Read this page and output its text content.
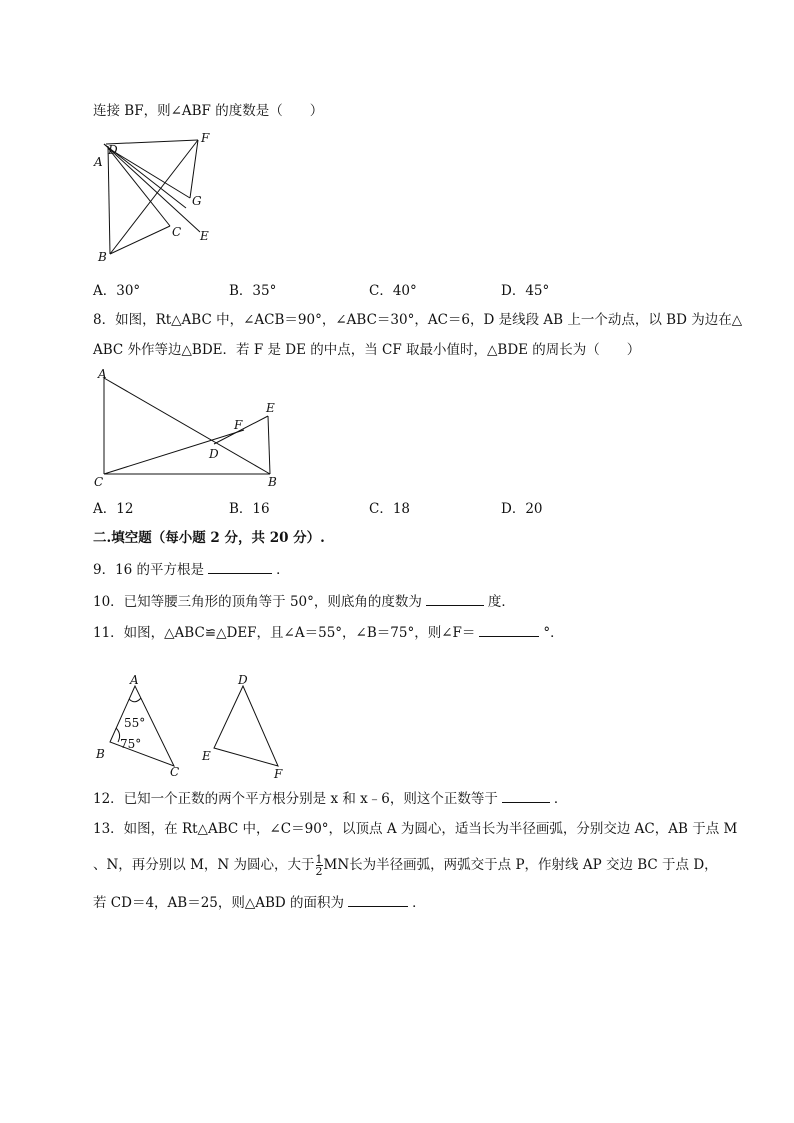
连接 BF，则∠ABF 的度数是（　　）
D
A
F
G
C E
B
A．30°	B．35°	C．40°	D．45°
8．如图，Rt△ABC 中，∠ACB＝90°，∠ABC＝30°，AC＝6，D 是线段 AB 上一个动点，以 BD 为边在△
ABC 外作等边△BDE．若 F 是 DE 的中点，当 CF 取最小值时，△BDE 的周长为（　　）
A
E
F
D
C	B
A．12	B．16	C．18	D．20
二.填空题（每小题 2 分，共 20 分）.
9．16 的平方根是	．
10．已知等腰三角形的顶角等于 50°，则底角的度数为	度．
11．如图，△ABC≌△DEF，且∠A＝55°，∠B＝75°，则∠F＝	°．
A
B
C
55°
75°
D
E
F
12．已知一个正数的两个平方根分别是 x 和 x﹣6，则这个正数等于	．
13．如图，在 Rt△ABC 中，∠C＝90°，以顶点 A 为圆心，适当长为半径画弧，分别交边 AC，AB 于点 M
、N，再分别以 M，N 为圆心，大于 $\frac{1}{2}$ MN长为半径画弧，两弧交于点 P，作射线 AP 交边 BC 于点 D，
若 CD＝4，AB＝25，则△ABD 的面积为	．
